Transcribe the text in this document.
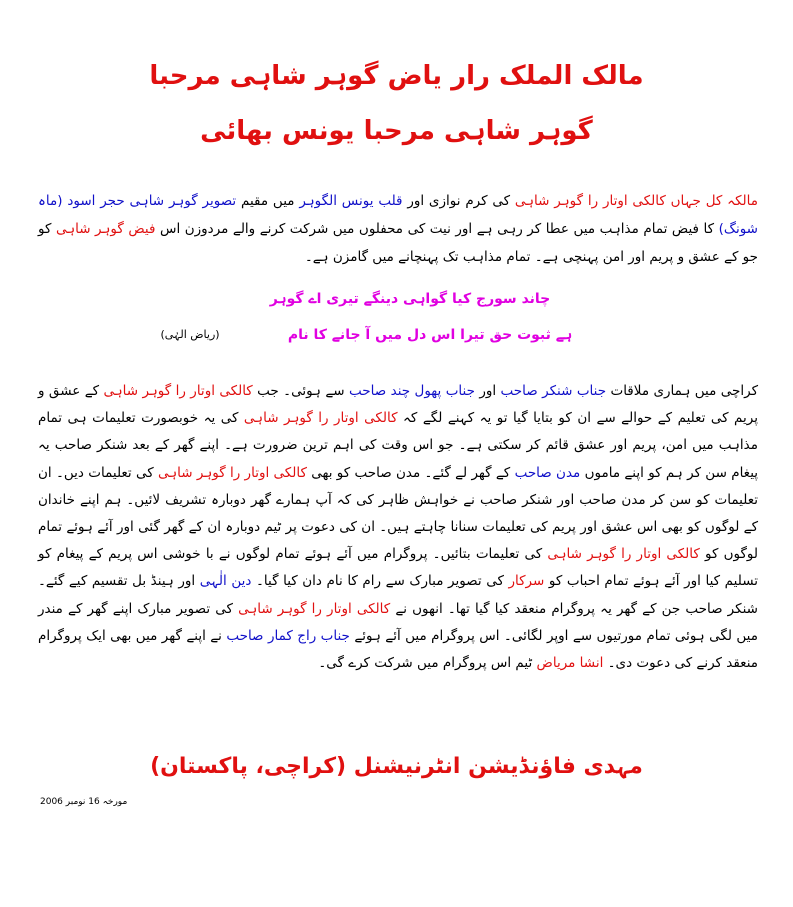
مالک الملک رار یاض گوہر شاہی مرحبا
گوہر شاہی مرحبا یونس بھائی
مالکہ کل جہاں کالکی اوتار را گوہر شاہی کی کرم نوازی اور قلب یونس الگوہر میں مقیم تصویر گوہر شاہی حجر اسود (ماہ شونگ) کا فیض تمام مذاہب میں عطا کر رہی ہے اور نیت کی محفلوں میں شرکت کرنے والے مردوزن اس فیض گوہر شاہی کو جو کے عشق و پریم اور امن پہنچی ہے۔ تمام مذاہب تک پہنچانے میں گامزن ہے۔
چاند سورج کیا گواہی دینگے تیری اے گوہر
ہے ثبوت حق تیرا اس دل میں آ جانے کا نام
(ریاض الہٰی)
کراچی میں ہماری ملاقات جناب شنکر صاحب اور جناب پھول چند صاحب سے ہوئی۔ جب کالکی اوتار را گوہر شاہی کے عشق و پریم کی تعلیم کے حوالے سے ان کو بتایا گیا تو یہ کہنے لگے کہ کالکی اوتار را گوہر شاہی کی یہ خوبصورت تعلیمات ہی تمام مذاہب میں امن، پریم اور عشق قائم کر سکتی ہے۔ جو اس وقت کی اہم ترین ضرورت ہے۔ اپنے گھر کے بعد شنکر صاحب یہ پیغام سن کر ہم کو اپنے ماموں مدن صاحب کے گھر لے گئے۔ مدن صاحب کو بھی کالکی اوتار را گوہر شاہی کی تعلیمات دیں۔ ان تعلیمات کو سن کر مدن صاحب اور شنکر صاحب نے خواہش ظاہر کی کہ آپ ہمارے گھر دوبارہ تشریف لائیں۔ ہم اپنے خاندان کے لوگوں کو بھی اس عشق اور پریم کی تعلیمات سنانا چاہتے ہیں۔ ان کی دعوت پر ٹیم دوبارہ ان کے گھر گئی اور آئے ہوئے تمام لوگوں کو کالکی اوتار را گوہر شاہی کی تعلیمات بتائیں۔ پروگرام میں آئے ہوئے تمام لوگوں نے با خوشی اس پریم کے پیغام کو تسلیم کیا اور آئے ہوئے تمام احباب کو سرکار کی تصویر مبارک سے رام کا نام دان کیا گیا۔ دین الٰہی اور ہینڈ بل تقسیم کیے گئے۔ شنکر صاحب جن کے گھر یہ پروگرام منعقد کیا گیا تھا۔ انھوں نے کالکی اوتار را گوہر شاہی کی تصویر مبارک اپنے گھر کے مندر میں لگی ہوئی تمام مورتیوں سے اوپر لگائی۔ اس پروگرام میں آئے ہوئے جناب راج کمار صاحب نے اپنے گھر میں بھی ایک پروگرام منعقد کرنے کی دعوت دی۔ انشا مریاض ٹیم اس پروگرام میں شرکت کرے گی۔
مہدی فاؤنڈیشن انٹرنیشنل (کراچی، پاکستان)
مورخہ 16 نومبر 2006
